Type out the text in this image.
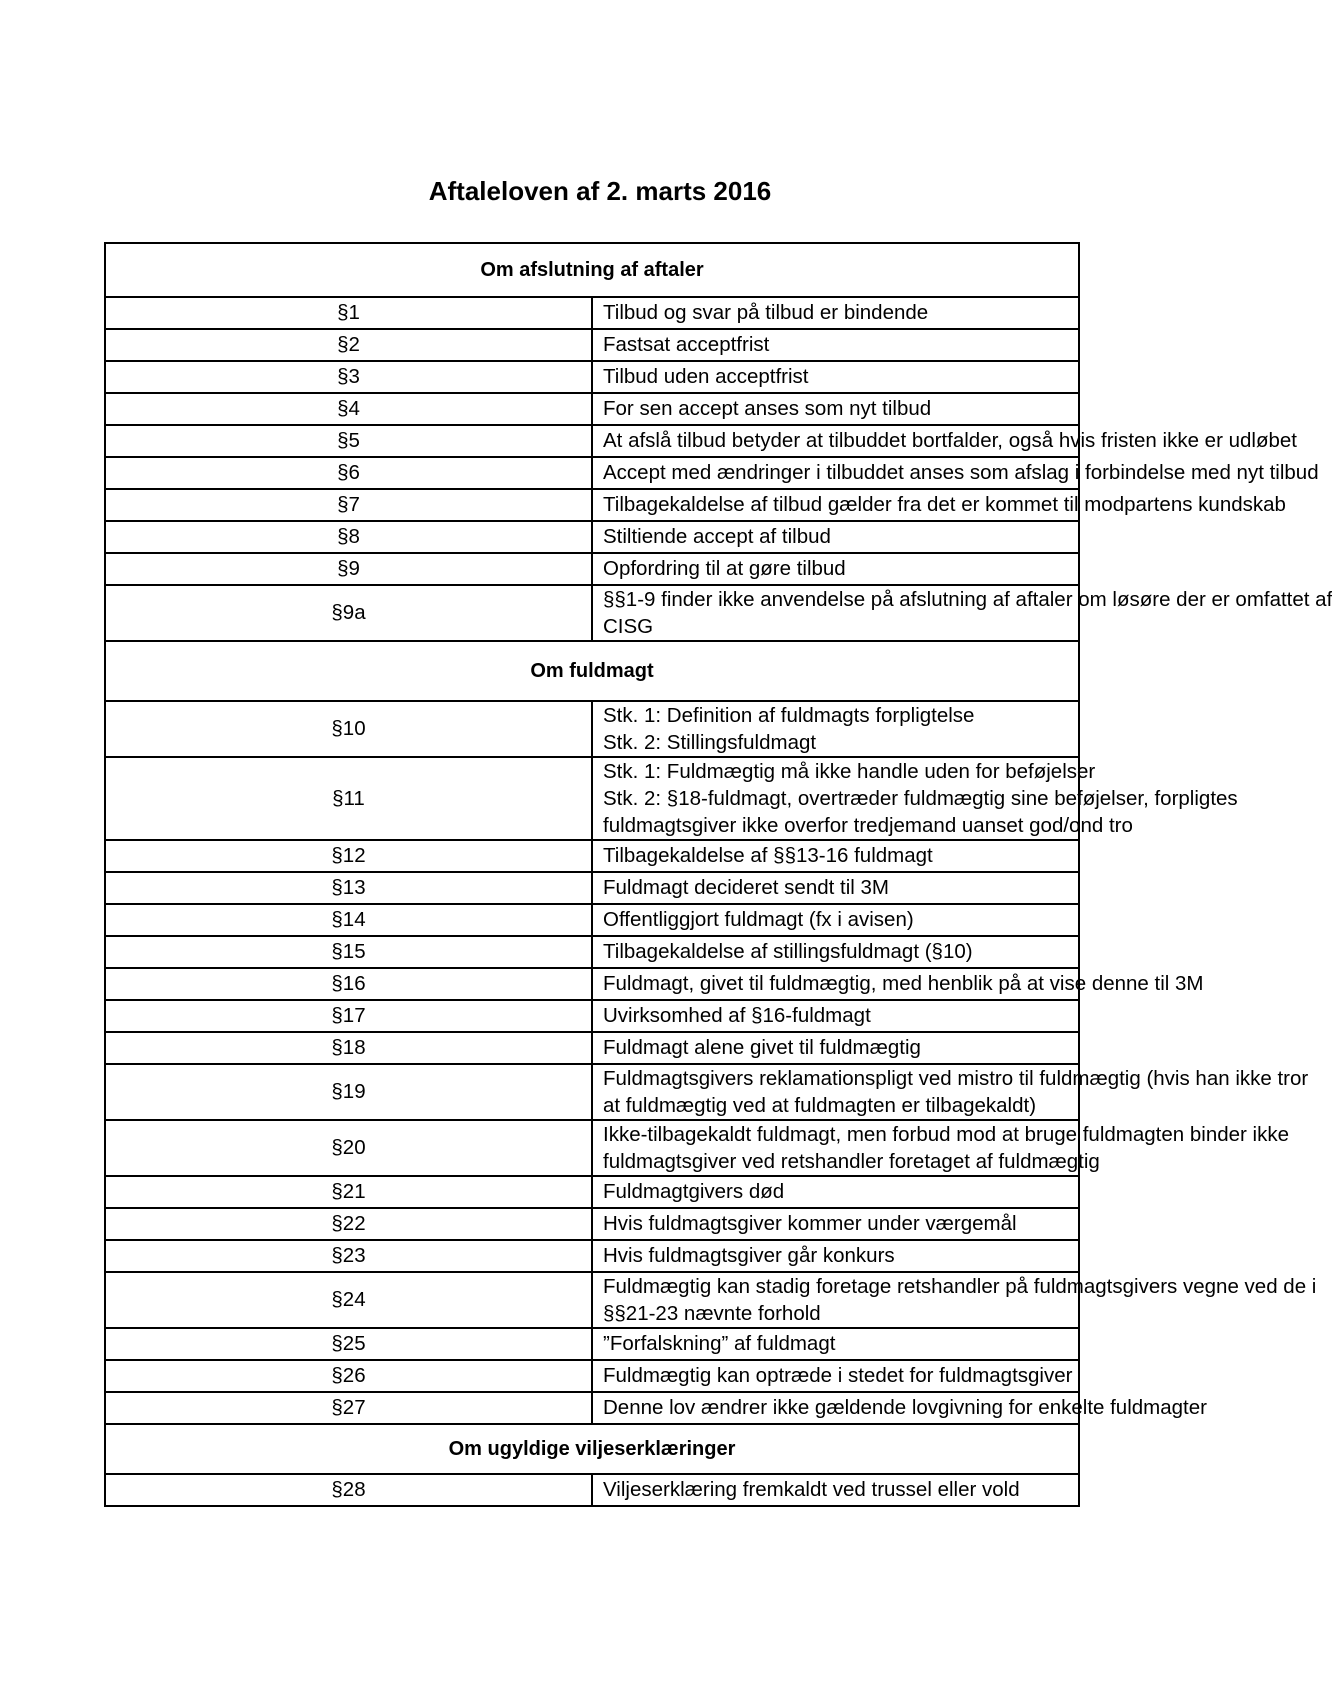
Aftaleloven af 2. marts 2016
Om afslutning af aftaler	
§1	Tilbud og svar på tilbud er bindende

§2	Fastsat acceptfrist

§3	Tilbud uden acceptfrist

§4	For sen accept anses som nyt tilbud

§5	At afslå tilbud betyder at tilbuddet bortfalder, også hvis fristen ikke er udløbet

§6	Accept med ændringer i tilbuddet anses som afslag i forbindelse med nyt tilbud

§7	Tilbagekaldelse af tilbud gælder fra det er kommet til modpartens kundskab

§8	Stiltiende accept af tilbud

§9	Opfordring til at gøre tilbud

§9a	§§1-9 finder ikke anvendelse på afslutning af aftaler om løsøre der er omfattet af
CISG

Om fuldmagt	
§10	Stk. 1: Definition af fuldmagts forpligtelse
Stk. 2: Stillingsfuldmagt

§11	Stk. 1: Fuldmægtig må ikke handle uden for beføjelser
Stk. 2: §18-fuldmagt, overtræder fuldmægtig sine beføjelser, forpligtes
fuldmagtsgiver ikke overfor tredjemand uanset god/ond tro

§12	Tilbagekaldelse af §§13-16 fuldmagt

§13	Fuldmagt decideret sendt til 3M

§14	Offentliggjort fuldmagt (fx i avisen)

§15	Tilbagekaldelse af stillingsfuldmagt (§10)

§16	Fuldmagt, givet til fuldmægtig, med henblik på at vise denne til 3M

§17	Uvirksomhed af §16-fuldmagt

§18	Fuldmagt alene givet til fuldmægtig

§19	Fuldmagtsgivers reklamationspligt ved mistro til fuldmægtig (hvis han ikke tror
at fuldmægtig ved at fuldmagten er tilbagekaldt)

§20	Ikke-tilbagekaldt fuldmagt, men forbud mod at bruge fuldmagten binder ikke
fuldmagtsgiver ved retshandler foretaget af fuldmægtig

§21	Fuldmagtgivers død

§22	Hvis fuldmagtsgiver kommer under værgemål

§23	Hvis fuldmagtsgiver går konkurs

§24	Fuldmægtig kan stadig foretage retshandler på fuldmagtsgivers vegne ved de i
§§21-23 nævnte forhold

§25	”Forfalskning” af fuldmagt

§26	Fuldmægtig kan optræde i stedet for fuldmagtsgiver

§27	Denne lov ændrer ikke gældende lovgivning for enkelte fuldmagter

Om ugyldige viljeserklæringer	
§28	Viljeserklæring fremkaldt ved trussel eller vold
